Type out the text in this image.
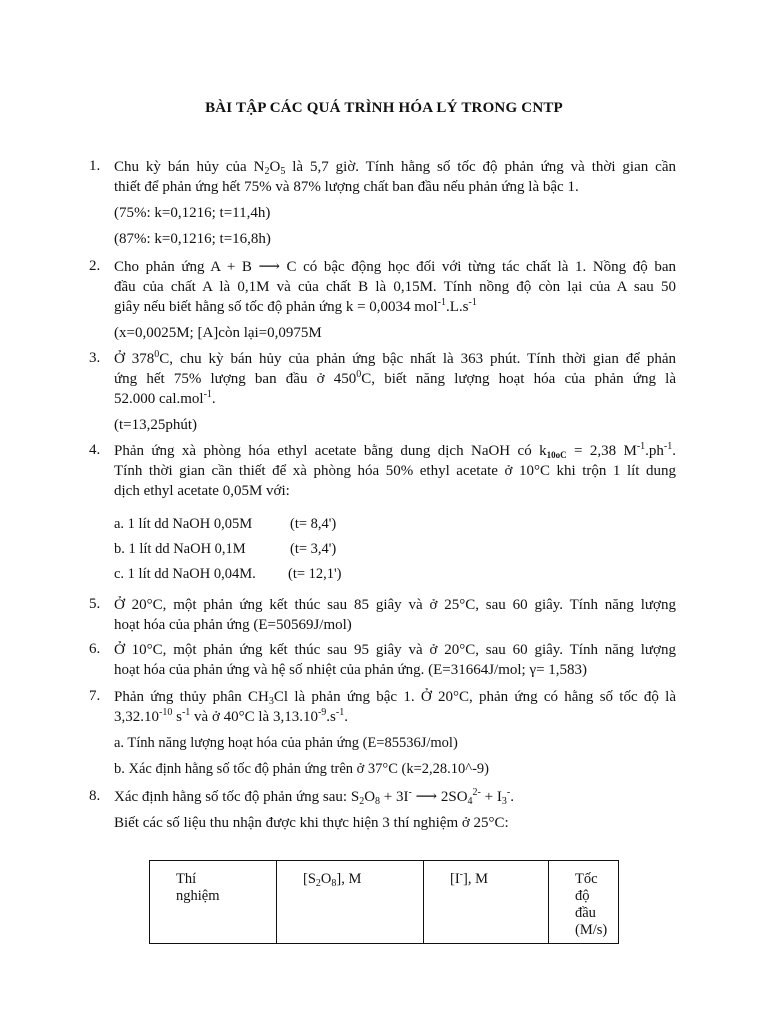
BÀI TẬP CÁC QUÁ TRÌNH HÓA LÝ TRONG CNTP
1. Chu kỳ bán hủy của $N_2O_5$ là 5,7 giờ. Tính hằng số tốc độ phản ứng và thời gian cần
thiết để phản ứng hết 75% và 87% lượng chất ban đầu nếu phản ứng là bậc 1.
(75%: k=0,1216; t=11,4h)
(87%: k=0,1216; t=16,8h)
2. Cho phản ứng A + B ⟶ C có bậc động học đối với từng tác chất là 1. Nồng độ ban
đầu của chất A là 0,1M và của chất B là 0,15M. Tính nồng độ còn lại của A sau 50
giây nếu biết hằng số tốc độ phản ứng k = 0,0034 $mol^{-1}.L.s^{-1}$
(x=0,0025M; [A]còn lại=0,0975M
3. Ở $378^0C$, chu kỳ bán hủy của phản ứng bậc nhất là 363 phút. Tính thời gian để phản
ứng hết 75% lượng ban đầu ở $450^0C$, biết năng lượng hoạt hóa của phản ứng là
52.000 cal.mol$^{-1}$.
(t=13,25phút)
4. Phản ứng xà phòng hóa ethyl acetate bằng dung dịch NaOH có $k_{10oC} = 2,38$ $M^{-1}.ph^{-1}$.
Tính thời gian cần thiết để xà phòng hóa 50% ethyl acetate ở 10°C khi trộn 1 lít dung
dịch ethyl acetate 0,05M với:
a. 1 lít dd NaOH 0,05M	(t= 8,4')
b. 1 lít dd NaOH 0,1M	(t= 3,4')
c. 1 lít dd NaOH 0,04M. (t= 12,1')
5. Ở 20°C, một phản ứng kết thúc sau 85 giây và ở 25°C, sau 60 giây. Tính năng lượng
hoạt hóa của phản ứng (E=50569J/mol)
6. Ở 10°C, một phản ứng kết thúc sau 95 giây và ở 20°C, sau 60 giây. Tính năng lượng
hoạt hóa của phản ứng và hệ số nhiệt của phản ứng. (E=31664J/mol; γ= 1,583)
7. Phản ứng thủy phân $CH_3Cl$ là phản ứng bậc 1. Ở 20°C, phản ứng có hằng số tốc độ là
$3,32.10^{-10}$ $s^{-1}$ và ở 40°C là $3,13.10^{-9}.s^{-1}$.
a. Tính năng lượng hoạt hóa của phản ứng (E=85536J/mol)
b. Xác định hằng số tốc độ phản ứng trên ở 37°C (k=2,28.10^-9)
8. Xác định hằng số tốc độ phản ứng sau: $S_2O_8 + 3I^-$ ⟶ $2SO_4^{2-} + I_3^-$.
Biết các số liệu thu nhận được khi thực hiện 3 thí nghiệm ở 25°C:
Thí
nghiệm	$[S_2O_8]$, M	[I-], M	Tốc độ đầu
(M/s)
